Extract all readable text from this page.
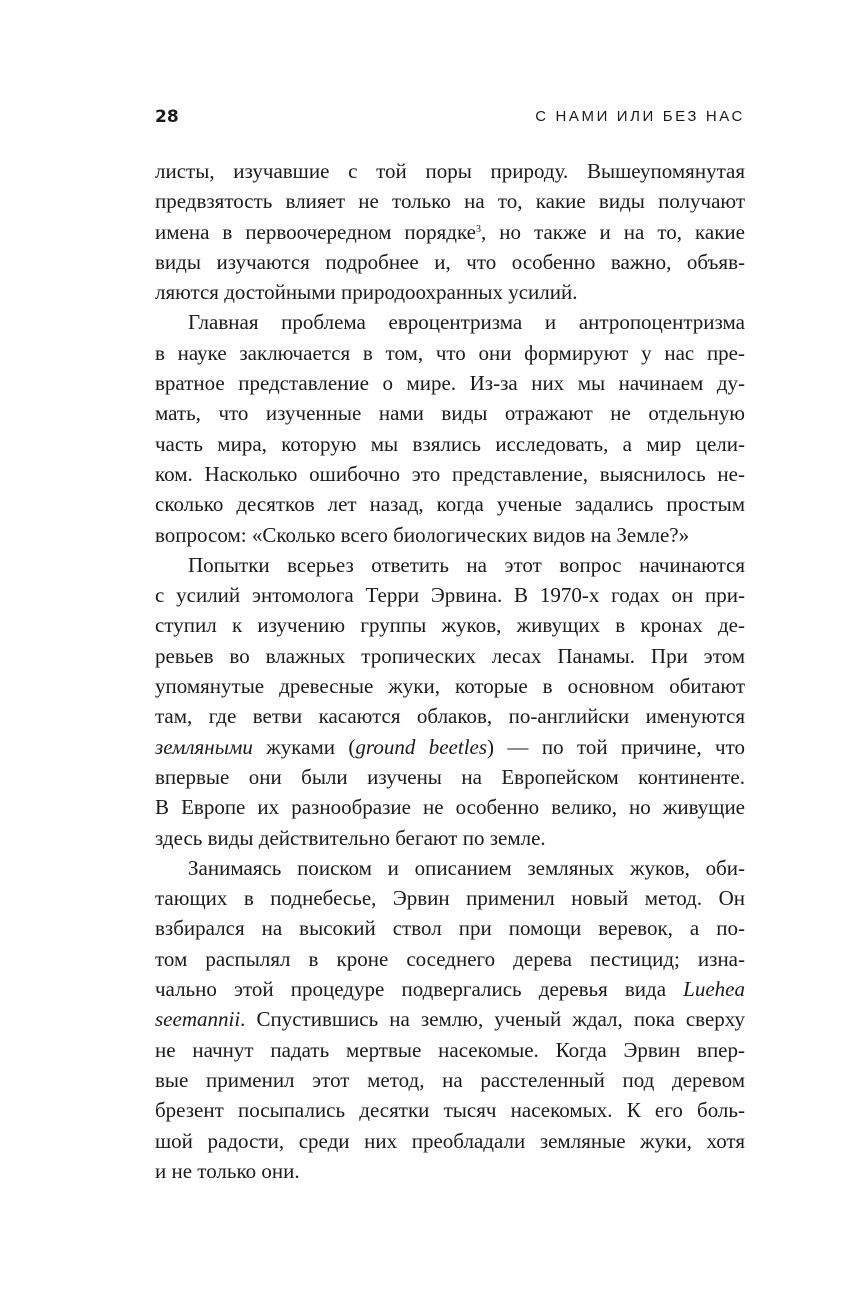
28	С НАМИ ИЛИ БЕЗ НАС
листы, изучавшие с той поры природу. Вышеупомянутая
предвзятость влияет не только на то, какие виды получают
имена в первоочередном порядке$^3$, но также и на то, какие
виды изучаются подробнее и, что особенно важно, объяв-
ляются достойными природоохранных усилий.
Главная проблема евроцентризма и антропоцентризма
в науке заключается в том, что они формируют у нас пре-
вратное представление о мире. Из-за них мы начинаем ду-
мать, что изученные нами виды отражают не отдельную
часть мира, которую мы взялись исследовать, а мир цели-
ком. Насколько ошибочно это представление, выяснилось не-
сколько десятков лет назад, когда ученые задались простым
вопросом: «Сколько всего биологических видов на Земле?»
Попытки всерьез ответить на этот вопрос начинаются
с усилий энтомолога Терри Эрвина. В 1970-х годах он при-
ступил к изучению группы жуков, живущих в кронах де-
ревьев во влажных тропических лесах Панамы. При этом
упомянутые древесные жуки, которые в основном обитают
там, где ветви касаются облаков, по-английски именуются
земляными жуками (ground beetles) — по той причине, что
впервые они были изучены на Европейском континенте.
В Европе их разнообразие не особенно велико, но живущие
здесь виды действительно бегают по земле.
Занимаясь поиском и описанием земляных жуков, оби-
тающих в поднебесье, Эрвин применил новый метод. Он
взбирался на высокий ствол при помощи веревок, а по-
том распылял в кроне соседнего дерева пестицид; изна-
чально этой процедуре подвергались деревья вида Luehea
seemannii. Спустившись на землю, ученый ждал, пока сверху
не начнут падать мертвые насекомые. Когда Эрвин впер-
вые применил этот метод, на расстеленный под деревом
брезент посыпались десятки тысяч насекомых. К его боль-
шой радости, среди них преобладали земляные жуки, хотя
и не только они.
